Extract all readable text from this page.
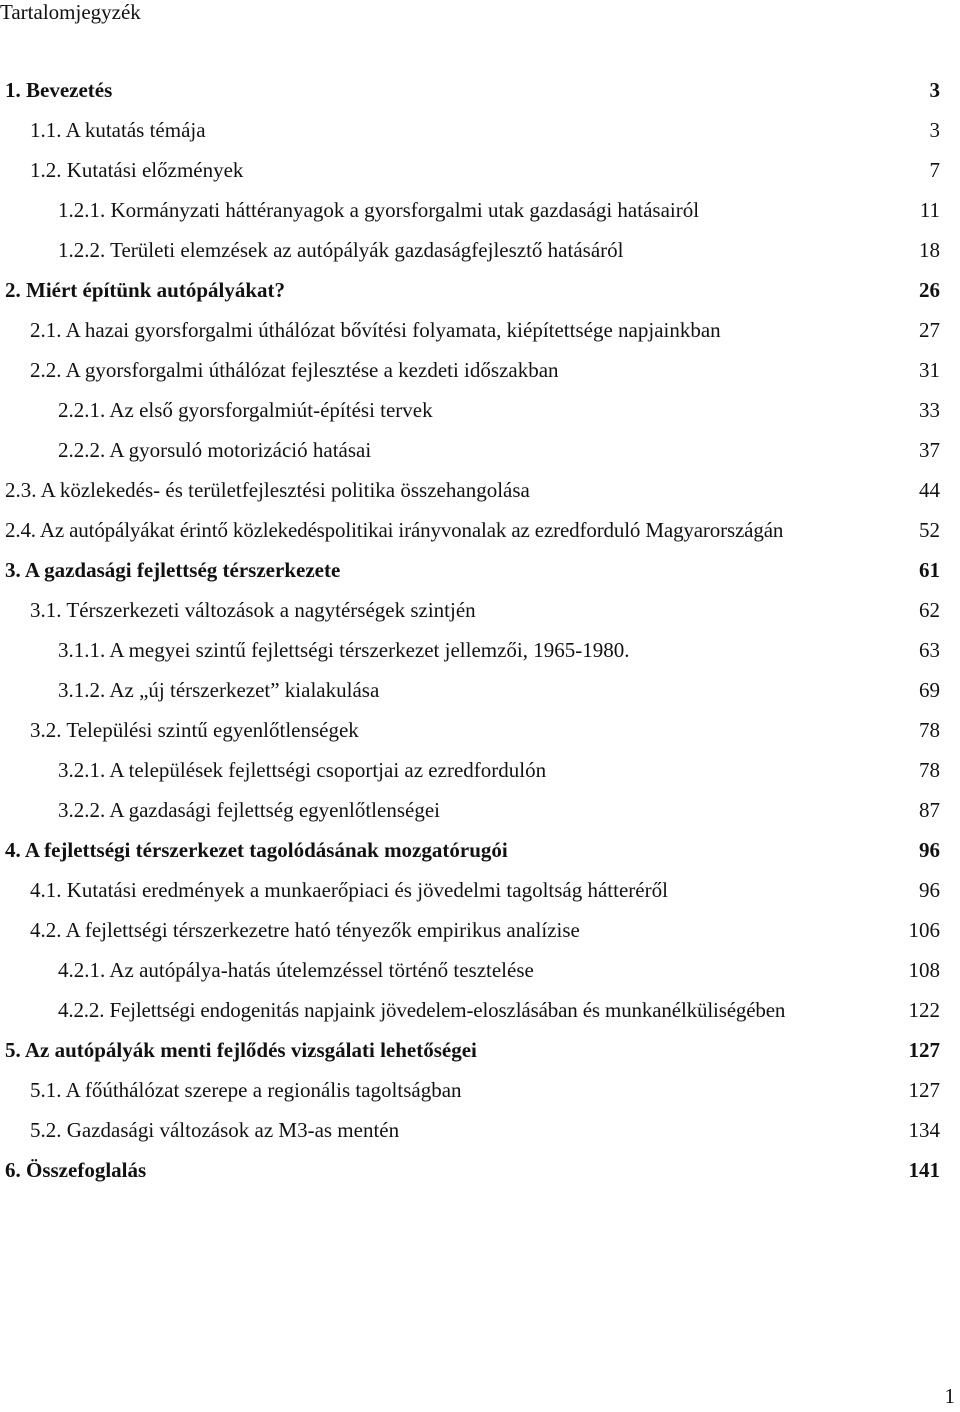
Tartalomjegyzék
1. Bevezetés	3
1.1. A kutatás témája	3
1.2. Kutatási előzmények	7
1.2.1. Kormányzati háttéranyagok a gyorsforgalmi utak gazdasági hatásairól	11
1.2.2. Területi elemzések az autópályák gazdaságfejlesztő hatásáról	18
2. Miért építünk autópályákat?	26
2.1. A hazai gyorsforgalmi úthálózat bővítési folyamata, kiépítettsége napjainkban	27
2.2. A gyorsforgalmi úthálózat fejlesztése a kezdeti időszakban	31
2.2.1. Az első gyorsforgalmiút-építési tervek	33
2.2.2. A gyorsuló motorizáció hatásai	37
2.3. A közlekedés- és területfejlesztési politika összehangolása	44
2.4. Az autópályákat érintő közlekedéspolitikai irányvonalak az ezredforduló Magyarországán	52
3. A gazdasági fejlettség térszerkezete	61
3.1. Térszerkezeti változások a nagytérségek szintjén	62
3.1.1. A megyei szintű fejlettségi térszerkezet jellemzői, 1965-1980.	63
3.1.2. Az „új térszerkezet” kialakulása	69
3.2. Települési szintű egyenlőtlenségek	78
3.2.1. A települések fejlettségi csoportjai az ezredfordulón	78
3.2.2. A gazdasági fejlettség egyenlőtlenségei	87
4. A fejlettségi térszerkezet tagolódásának mozgatórugói	96
4.1. Kutatási eredmények a munkaerőpiaci és jövedelmi tagoltság hátteréről	96
4.2. A fejlettségi térszerkezetre ható tényezők empirikus analízise	106
4.2.1. Az autópálya-hatás útelemzéssel történő tesztelése	108
4.2.2. Fejlettségi endogenitás napjaink jövedelem-eloszlásában és munkanélküliségében	122
5. Az autópályák menti fejlődés vizsgálati lehetőségei	127
5.1. A főúthálózat szerepe a regionális tagoltságban	127
5.2. Gazdasági változások az M3-as mentén	134
6. Összefoglalás	141
1
